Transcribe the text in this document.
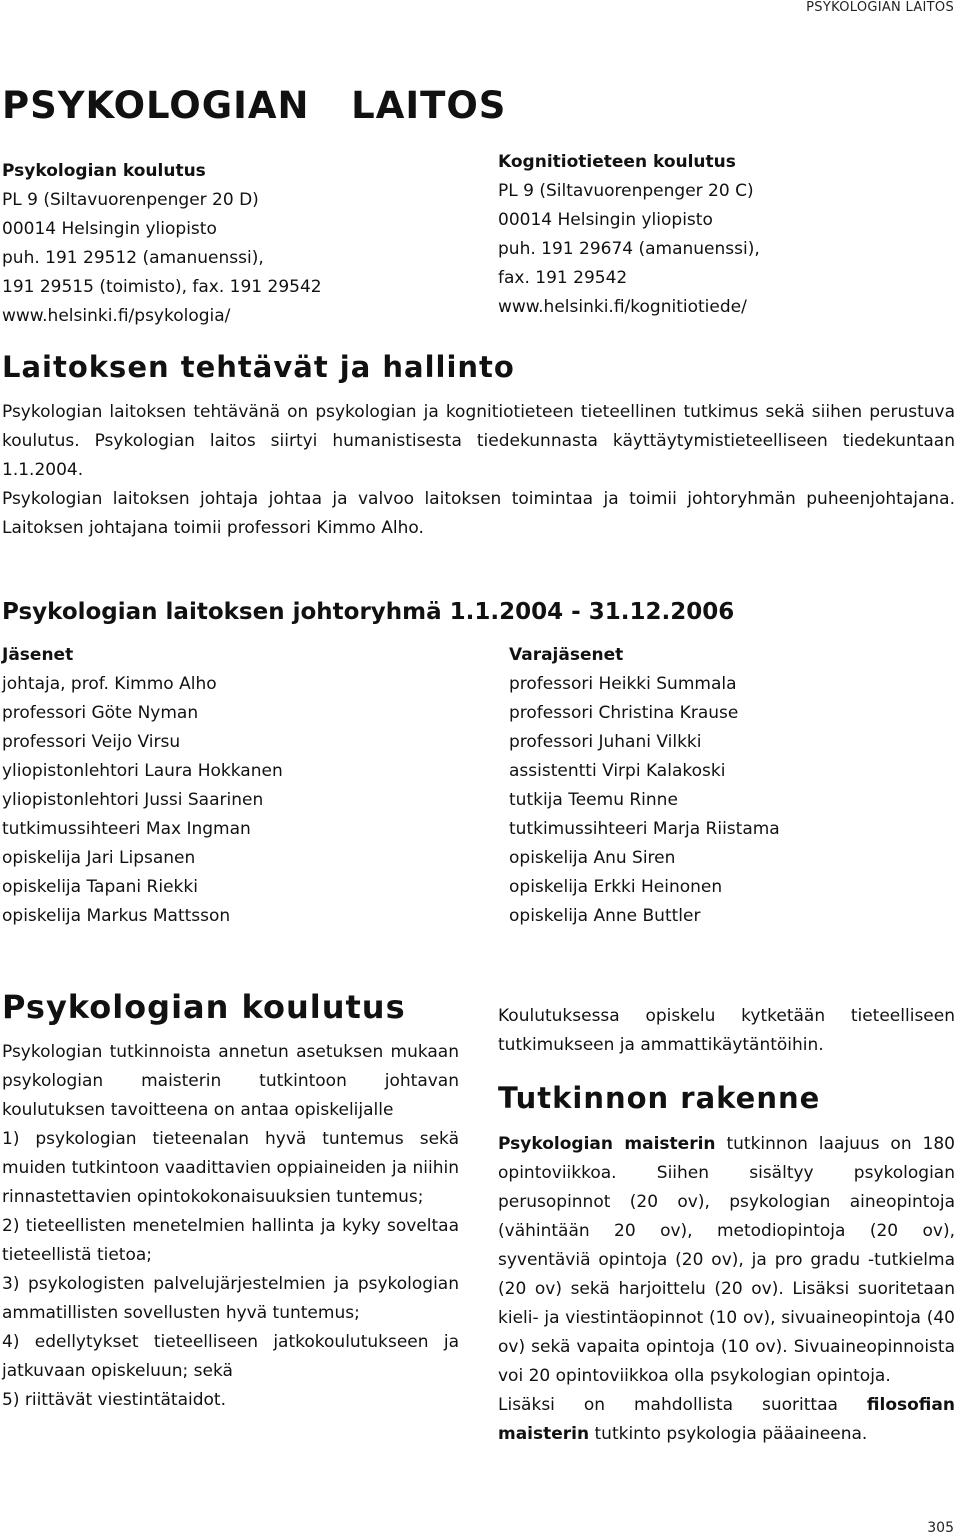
PSYKOLOGIAN LAITOS
PSYKOLOGIAN   LAITOS
Psykologian koulutus
PL 9 (Siltavuorenpenger 20 D)
00014 Helsingin yliopisto
puh. 191 29512 (amanuenssi),
191 29515 (toimisto), fax. 191 29542
www.helsinki.fi/psykologia/
Kognitiotieteen koulutus
PL 9 (Siltavuorenpenger 20 C)
00014 Helsingin yliopisto
puh. 191 29674 (amanuenssi),
fax. 191 29542
www.helsinki.fi/kognitiotiede/
Laitoksen tehtävät ja hallinto

Psykologian laitoksen tehtävänä on psykologian ja kognitiotieteen tieteellinen tutkimus sekä siihen perustuva koulutus. Psykologian laitos siirtyi humanistisesta tiedekunnasta käyttäytymistieteelliseen tiedekuntaan 1.1.2004.

Psykologian laitoksen johtaja johtaa ja valvoo laitoksen toimintaa ja toimii johtoryhmän puheenjohtajana. Laitoksen johtajana toimii professori Kimmo Alho.

Psykologian laitoksen johtoryhmä 1.1.2004 - 31.12.2006
Jäsenet
johtaja, prof. Kimmo Alho
professori Göte Nyman
professori Veijo Virsu
yliopistonlehtori Laura Hokkanen
yliopistonlehtori Jussi Saarinen
tutkimussihteeri Max Ingman
opiskelija Jari Lipsanen
opiskelija Tapani Riekki
opiskelija Markus Mattsson
Varajäsenet
professori Heikki Summala
professori Christina Krause
professori Juhani Vilkki
assistentti Virpi Kalakoski
tutkija Teemu Rinne
tutkimussihteeri Marja Riistama
opiskelija Anu Siren
opiskelija Erkki Heinonen
opiskelija Anne Buttler
Psykologian koulutus

Psykologian tutkinnoista annetun asetuksen mukaan psykologian maisterin tutkintoon johtavan koulutuksen tavoitteena on antaa opiskelijalle

1) psykologian tieteenalan hyvä tuntemus sekä muiden tutkintoon vaadittavien oppiaineiden ja niihin rinnastettavien opintokokonaisuuksien tuntemus;

2) tieteellisten menetelmien hallinta ja kyky soveltaa tieteellistä tietoa;

3) psykologisten palvelujärjestelmien ja psykologian ammatillisten sovellusten hyvä tuntemus;

4) edellytykset tieteelliseen jatkokoulutukseen ja jatkuvaan opiskeluun; sekä

5) riittävät viestintätaidot.

Koulutuksessa opiskelu kytketään tieteelliseen tutkimukseen ja ammattikäytäntöihin.

Tutkinnon rakenne

Psykologian maisterin tutkinnon laajuus on 180 opintoviikkoa. Siihen sisältyy psykologian perusopinnot (20 ov), psykologian aineopintoja (vähintään 20 ov), metodiopintoja (20 ov), syventäviä opintoja (20 ov), ja pro gradu -tutkielma (20 ov) sekä harjoittelu (20 ov). Lisäksi suoritetaan kieli- ja viestintäopinnot (10 ov), sivuaineopintoja (40 ov) sekä vapaita opintoja (10 ov). Sivuaineopinnoista voi 20 opintoviikkoa olla psykologian opintoja.

Lisäksi on mahdollista suorittaa filosofian maisterin tutkinto psykologia pääaineena.

305
